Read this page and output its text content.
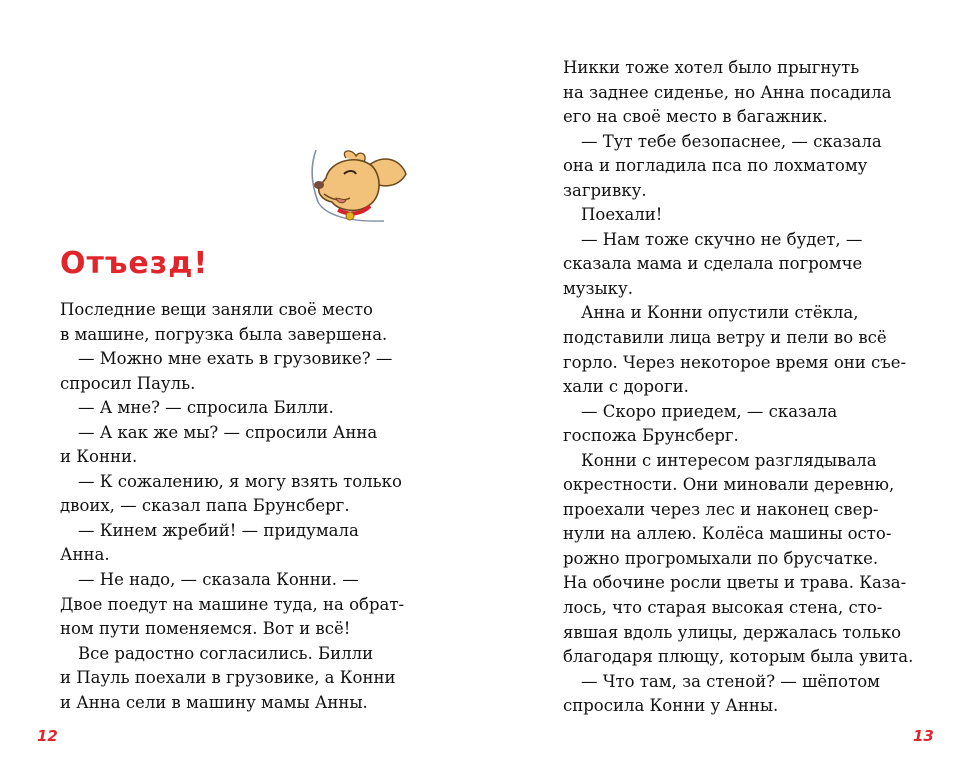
Отъезд!
Последние вещи заняли своё место
в машине, погрузка была завершена.
— Можно мне ехать в грузовике? —
спросил Пауль.
— А мне? — спросила Билли.
— А как же мы? — спросили Анна
и Конни.
— К сожалению, я могу взять только
двоих, — сказал папа Брунсберг.
— Кинем жребий! — придумала
Анна.
— Не надо, — сказала Конни. —
Двое поедут на машине туда, на обрат-
ном пути поменяемся. Вот и всё!
Все радостно согласились. Билли
и Пауль поехали в грузовике, а Конни
и Анна сели в машину мамы Анны.
12
Никки тоже хотел было прыгнуть
на заднее сиденье, но Анна посадила
его на своё место в багажник.
— Тут тебе безопаснее, — сказала
она и погладила пса по лохматому
загривку.
Поехали!
— Нам тоже скучно не будет, —
сказала мама и сделала погромче
музыку.
Анна и Конни опустили стёкла,
подставили лица ветру и пели во всё
горло. Через некоторое время они съе-
хали с дороги.
— Скоро приедем, — сказала
госпожа Брунсберг.
Конни с интересом разглядывала
окрестности. Они миновали деревню,
проехали через лес и наконец свер-
нули на аллею. Колёса машины осто-
рожно прогромыхали по брусчатке.
На обочине росли цветы и трава. Каза-
лось, что старая высокая стена, сто-
явшая вдоль улицы, держалась только
благодаря плющу, которым была увита.
— Что там, за стеной? — шёпотом
спросила Конни у Анны.
13
